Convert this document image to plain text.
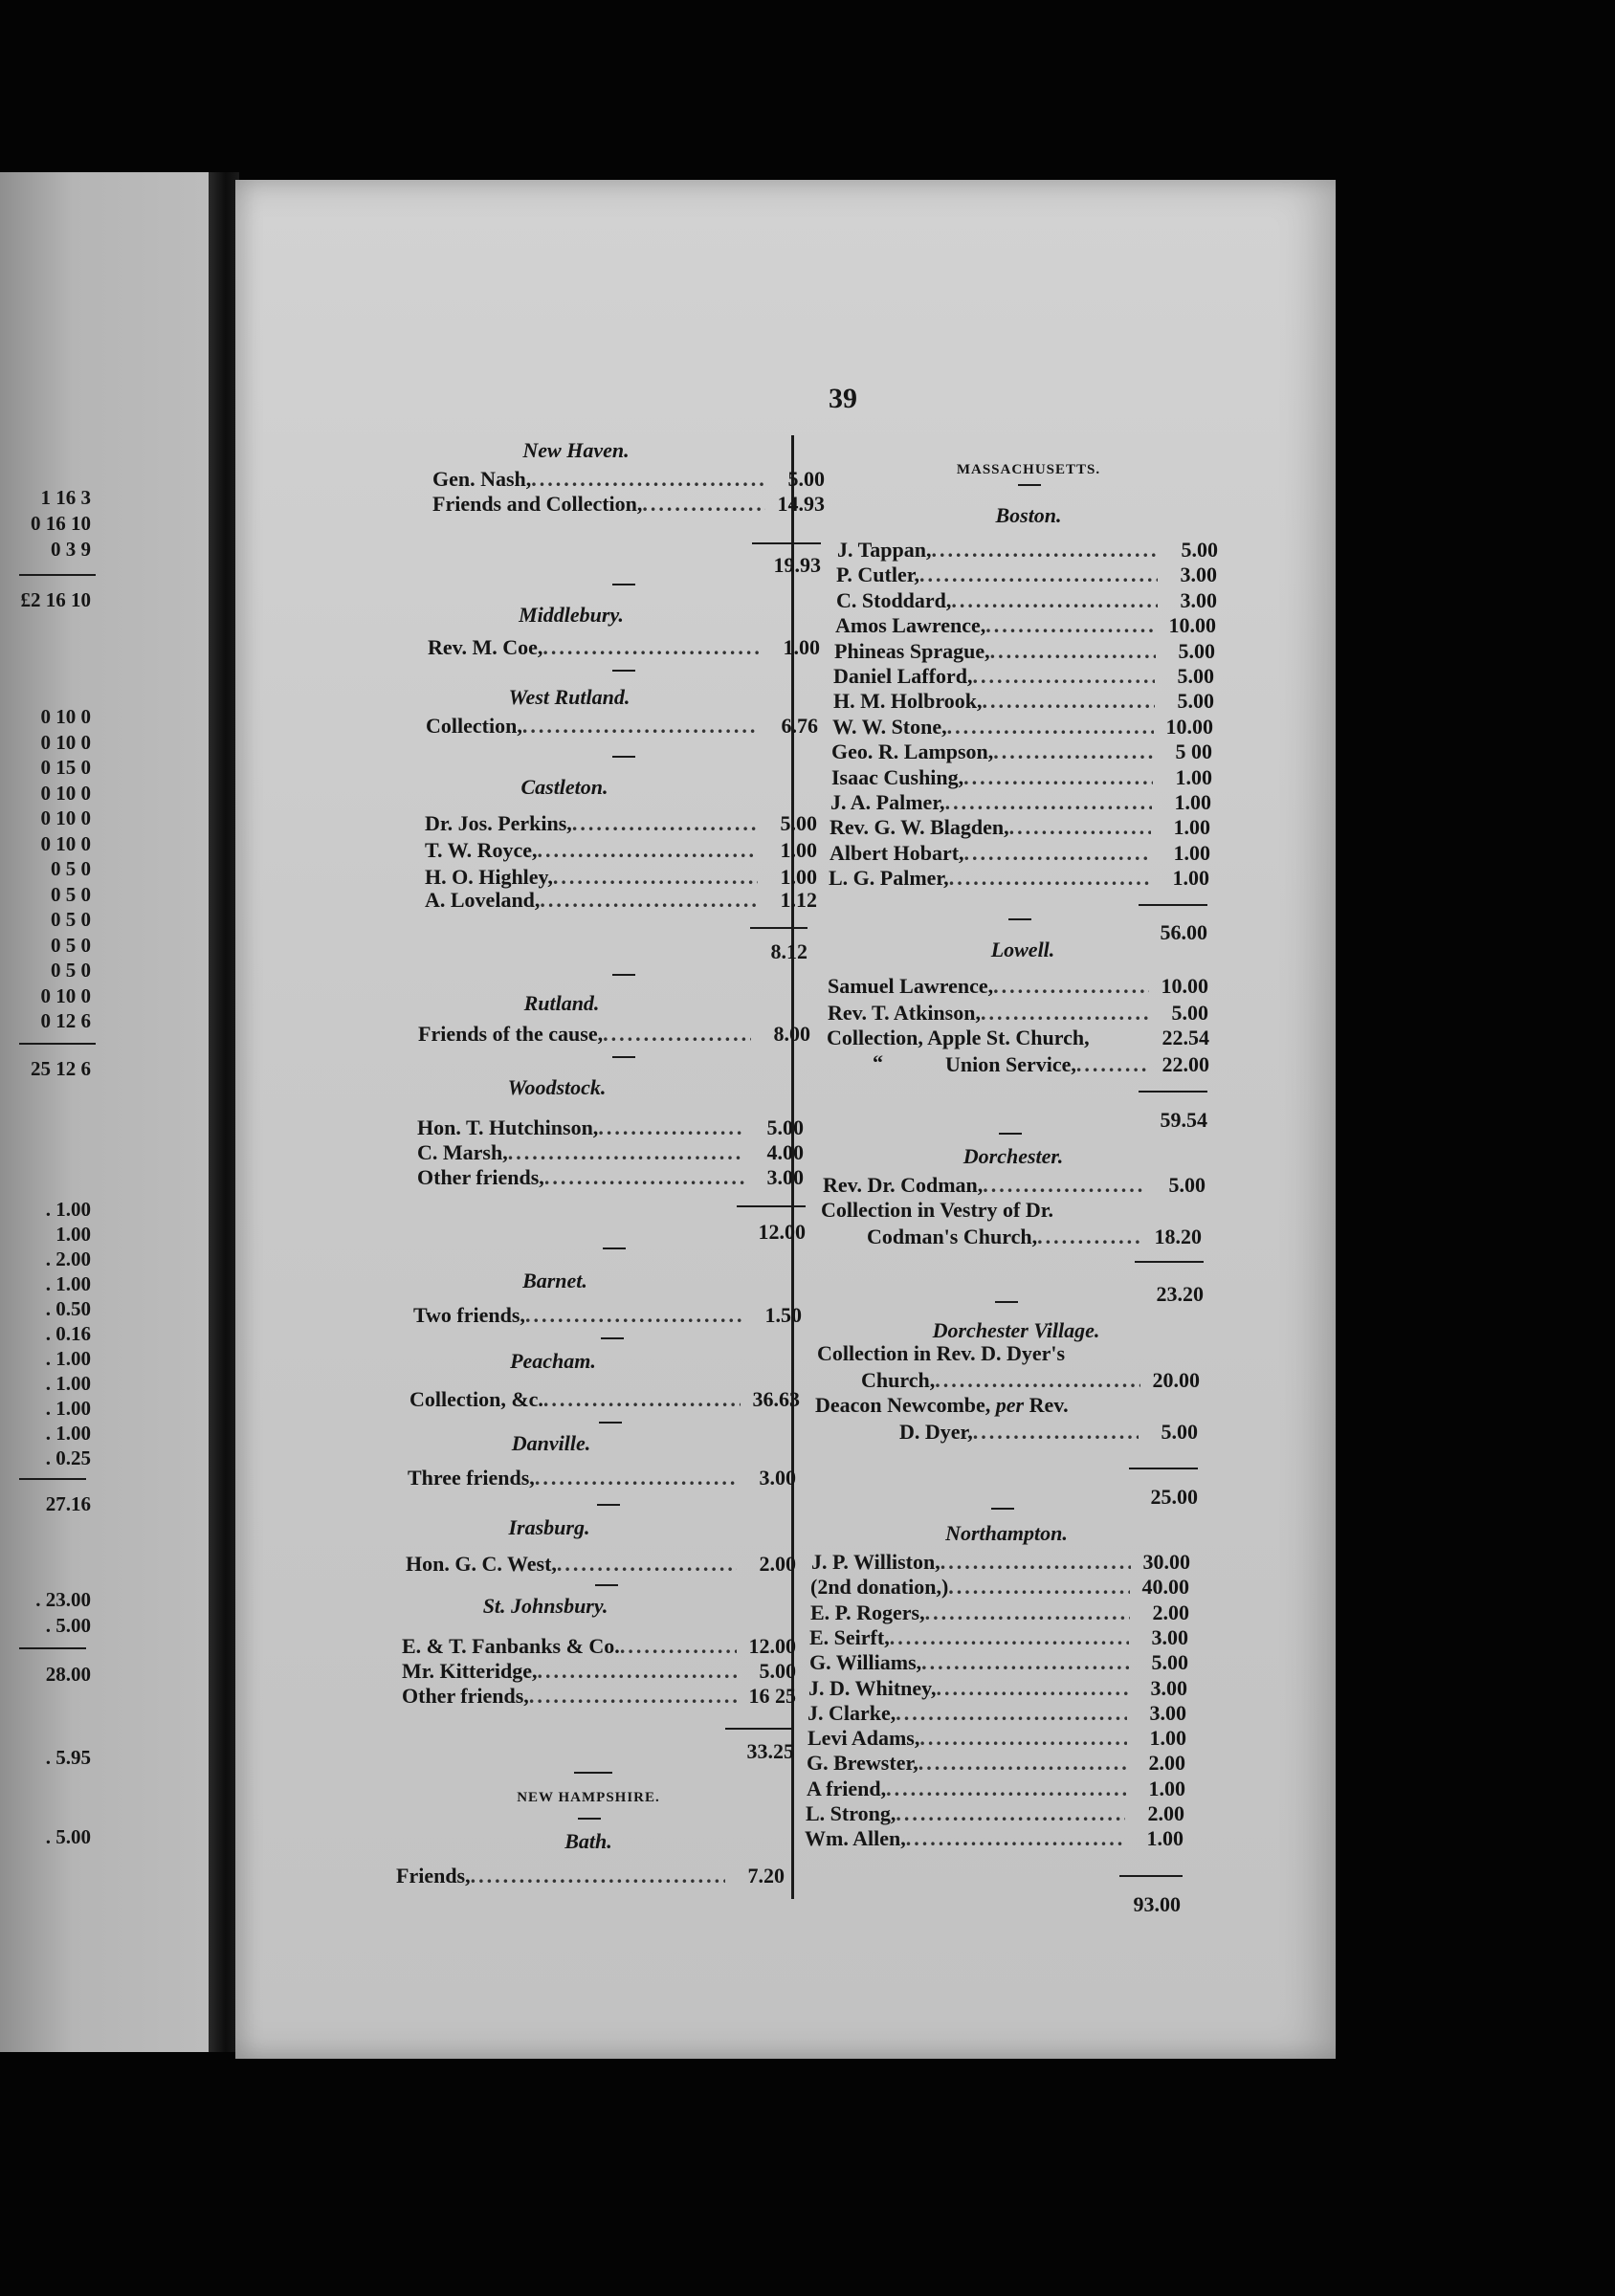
1 16 3
0 16 10
0 3 9
£2 16 10
0 10 0
0 10 0
0 15 0
0 10 0
0 10 0
0 10 0
0 5 0
0 5 0
0 5 0
0 5 0
0 5 0
0 10 0
0 12 6
25 12 6
. 1.00
1.00
. 2.00
. 1.00
. 0.50
. 0.16
. 1.00
. 1.00
. 1.00
. 1.00
. 0.25
27.16
. 23.00
. 5.00
28.00
. 5.95
. 5.00
39
New Haven.
Gen. Nash, .....	5.00
Friends and Collection, .....	14.93
19.93
Middlebury.
Rev. M. Coe, .....	1.00
West Rutland.
Collection, .....	6.76
Castleton.
Dr. Jos. Perkins, .....	5.00
T. W. Royce, .....	1.00
H. O. Highley, .....	1.00
A. Loveland, .....	1.12
8.12
Rutland.
Friends of the cause, .....	8.00
Woodstock.
Hon. T. Hutchinson, .....	5.00
C. Marsh, .....	4.00
Other friends, .....	3.00
12.00
Barnet.
Two friends, .....	1.50
Peacham.
Collection, &c. .....	36.63
Danville.
Three friends, .....	3.00
Irasburg.
Hon. G. C. West, .....	2.00
St. Johnsbury.
E. & T. Fanbanks & Co. .....	12.00
Mr. Kitteridge, .....	5.00
Other friends, .....	16 25
33.25
NEW HAMPSHIRE.
Bath.
Friends, .....	7.20
MASSACHUSETTS.
Boston.
J. Tappan, .....	5.00
P. Cutler, .....	3.00
C. Stoddard, .....	3.00
Amos Lawrence, .....	10.00
Phineas Sprague, .....	5.00
Daniel Lafford, .....	5.00
H. M. Holbrook, .....	5.00
W. W. Stone, .....	10.00
Geo. R. Lampson, .....	5 00
Isaac Cushing, .....	1.00
J. A. Palmer, .....	1.00
Rev. G. W. Blagden, .....	1.00
Albert Hobart, .....	1.00
L. G. Palmer, .....	1.00
56.00
Lowell.
Samuel Lawrence, .....	10.00
Rev. T. Atkinson, .....	5.00
Collection, Apple St. Church,	22.54
“	Union Service, .....	22.00
59.54
Dorchester.
Rev. Dr. Codman, .....	5.00
Collection in Vestry of Dr.
Codman's Church, .....	18.20
23.20
Dorchester Village.
Collection in Rev. D. Dyer's
Church, .....	20.00
Deacon Newcombe, per Rev.
D. Dyer, .....	5.00
25.00
Northampton.
J. P. Williston, .....	30.00
(2nd donation,) .....	40.00
E. P. Rogers, .....	2.00
E. Seirft, .....	3.00
G. Williams, .....	5.00
J. D. Whitney, .....	3.00
J. Clarke, .....	3.00
Levi Adams, .....	1.00
G. Brewster, .....	2.00
A friend, .....	1.00
L. Strong, .....	2.00
Wm. Allen, .....	1.00
93.00
